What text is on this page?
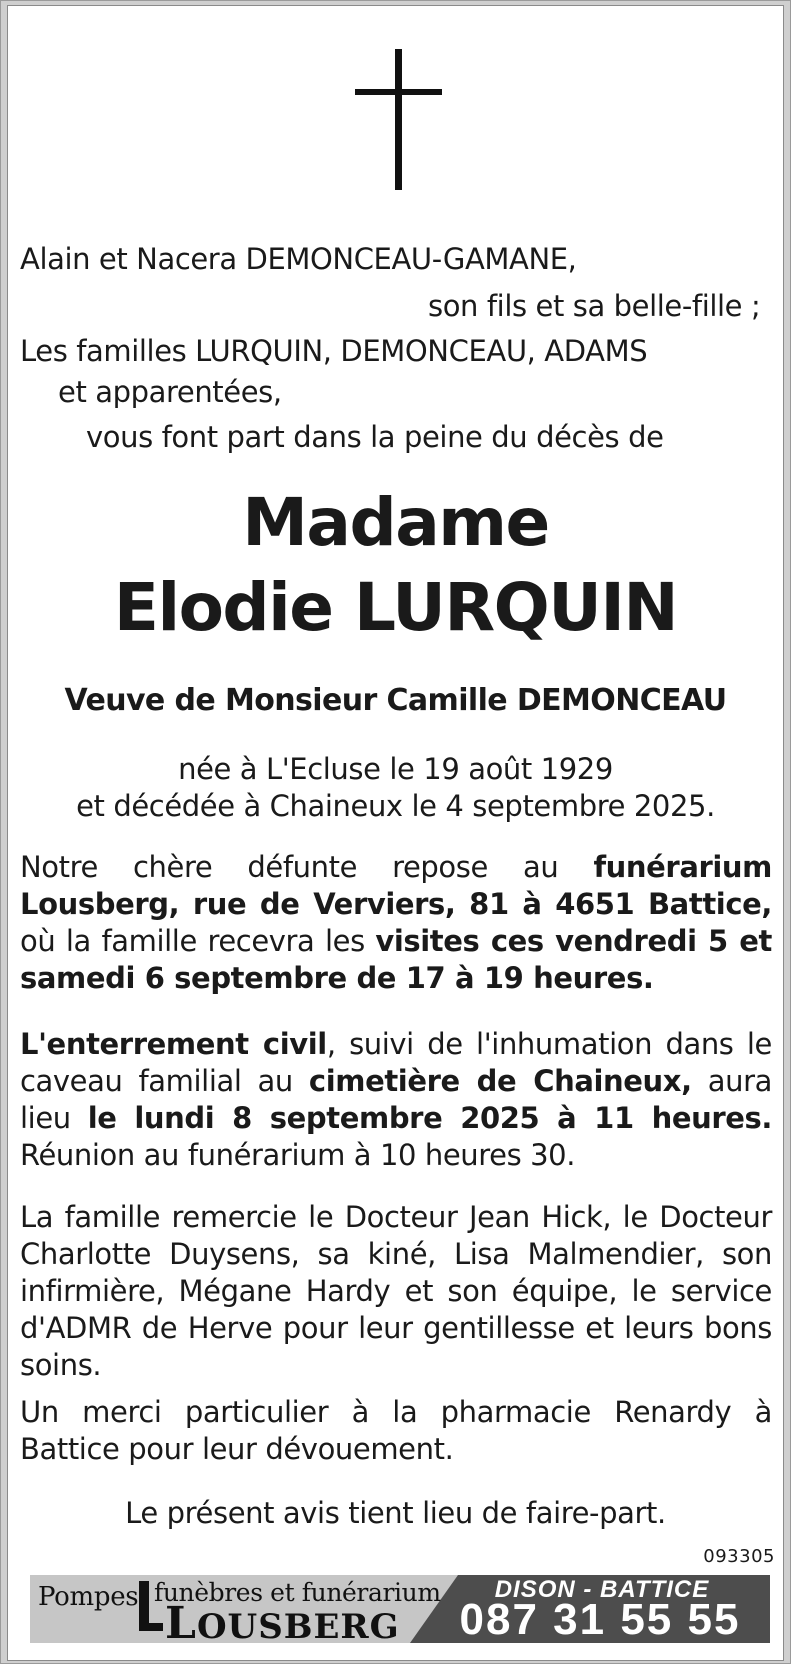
Alain et Nacera DEMONCEAU-GAMANE,
son fils et sa belle-fille ;
Les familles LURQUIN, DEMONCEAU, ADAMS
et apparentées,
vous font part dans la peine du décès de
Madame
Elodie LURQUIN
Veuve de Monsieur Camille DEMONCEAU
née à L'Ecluse le 19 août 1929
et décédée à Chaineux le 4 septembre 2025.
Notre chère défunte repose au funérarium Lousberg, rue de Verviers, 81 à 4651 Battice, où la famille recevra les visites ces vendredi 5 et samedi 6 septembre de 17 à 19 heures.
L'enterrement civil, suivi de l'inhumation dans le caveau familial au cimetière de Chaineux, aura lieu le lundi 8 septembre 2025 à 11 heures. Réunion au funérarium à 10 heures 30.
La famille remercie le Docteur Jean Hick, le Docteur Charlotte Duysens, sa kiné, Lisa Malmendier, son infirmière, Mégane Hardy et son équipe, le service d'ADMR de Herve pour leur gentillesse et leurs bons soins.
Un merci particulier à la pharmacie Renardy à Battice pour leur dévouement.
Le présent avis tient lieu de faire-part.
093305
Pompes funèbres et funérarium
LOUSBERG
DISON - BATTICE
087 31 55 55
